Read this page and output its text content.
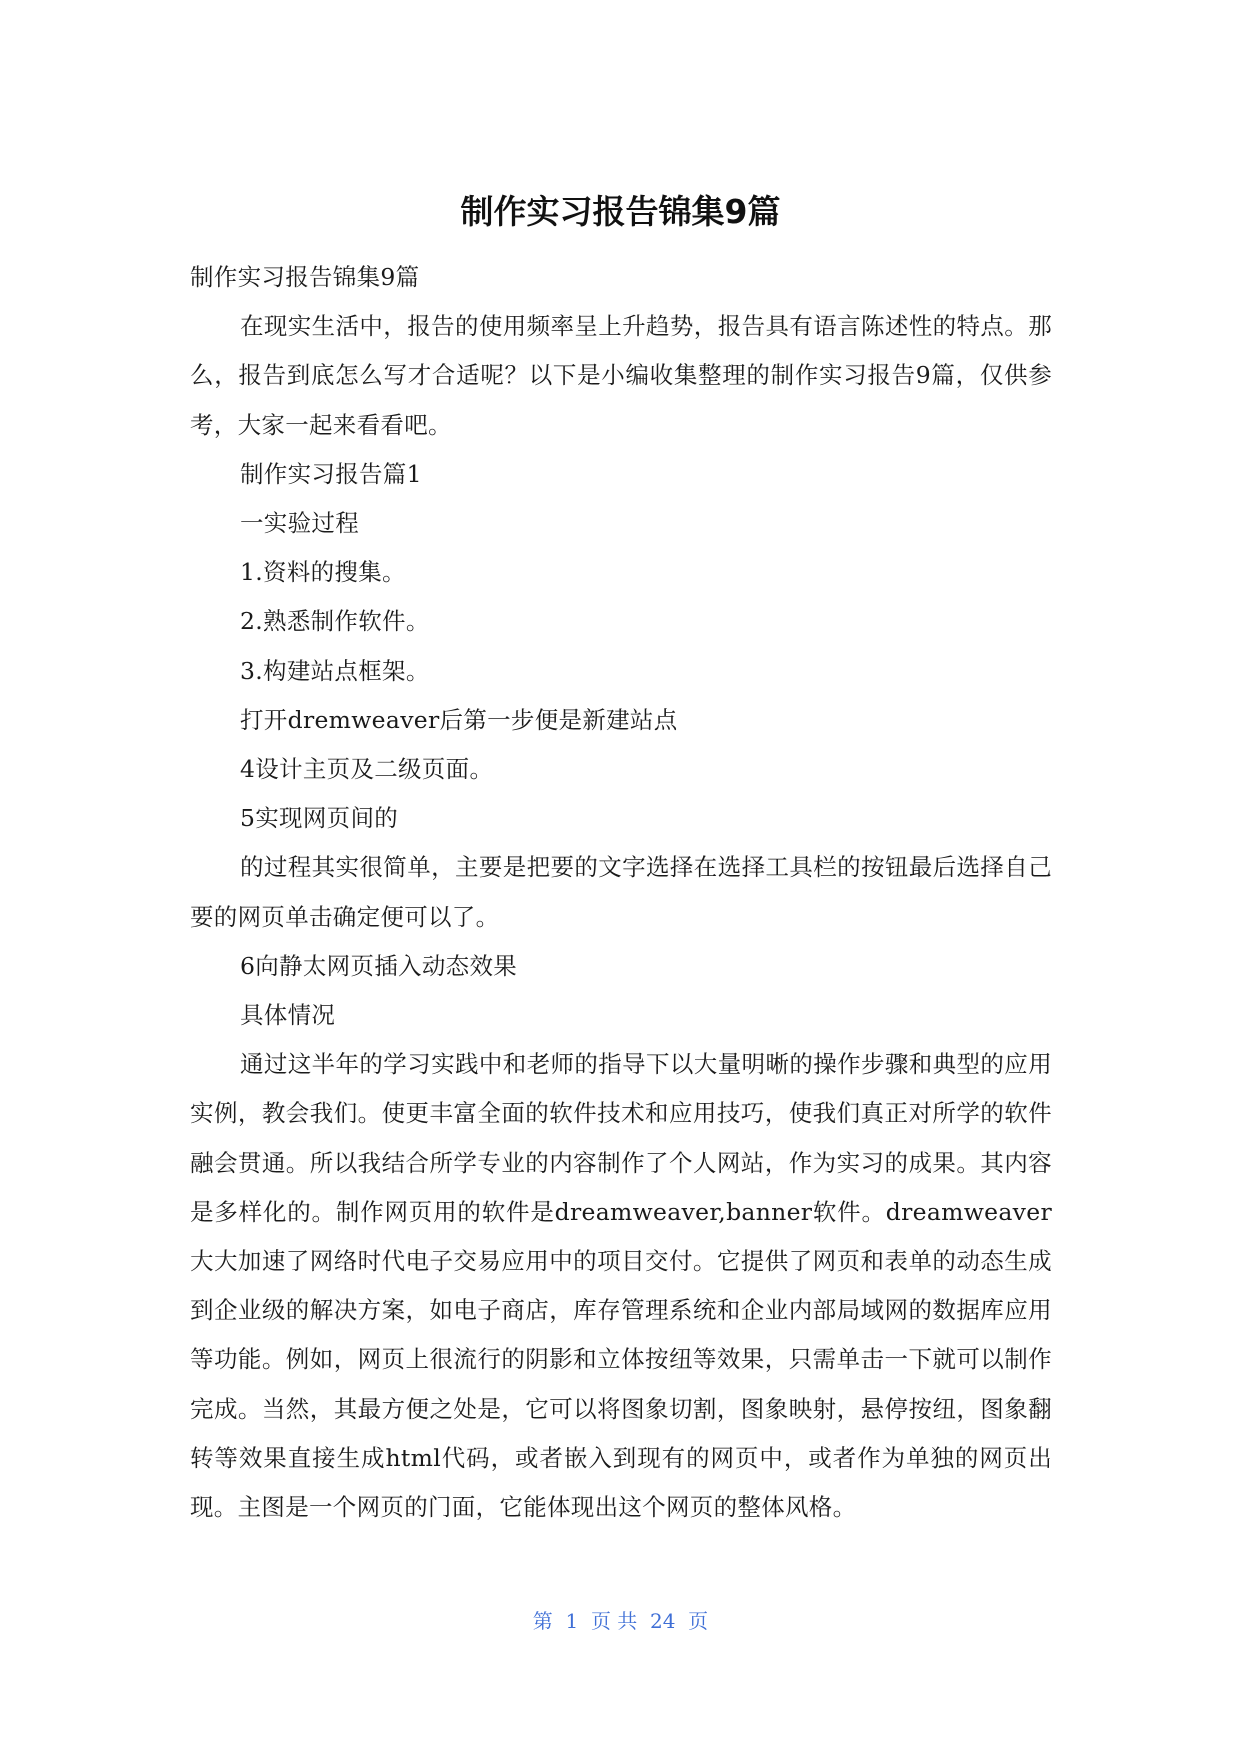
制作实习报告锦集9篇

制作实习报告锦集9篇

在现实生活中，报告的使用频率呈上升趋势，报告具有语言陈述性的特点。那么，报告到底怎么写才合适呢？以下是小编收集整理的制作实习报告9篇，仅供参考，大家一起来看看吧。

制作实习报告篇1

一实验过程

1.资料的搜集。

2.熟悉制作软件。

3.构建站点框架。

打开dremweaver后第一步便是新建站点

4设计主页及二级页面。

5实现网页间的

的过程其实很简单，主要是把要的文字选择在选择工具栏的按钮最后选择自己要的网页单击确定便可以了。

6向静太网页插入动态效果

具体情况

通过这半年的学习实践中和老师的指导下以大量明晰的操作步骤和典型的应用实例，教会我们。使更丰富全面的软件技术和应用技巧，使我们真正对所学的软件融会贯通。所以我结合所学专业的内容制作了个人网站，作为实习的成果。其内容是多样化的。制作网页用的软件是dreamweaver,banner软件。dreamweaver大大加速了网络时代电子交易应用中的项目交付。它提供了网页和表单的动态生成到企业级的解决方案，如电子商店，库存管理系统和企业内部局域网的数据库应用等功能。例如，网页上很流行的阴影和立体按纽等效果，只需单击一下就可以制作完成。当然，其最方便之处是，它可以将图象切割，图象映射，悬停按纽，图象翻转等效果直接生成html代码，或者嵌入到现有的网页中，或者作为单独的网页出现。主图是一个网页的门面，它能体现出这个网页的整体风格。

第  1  页 共  24  页
